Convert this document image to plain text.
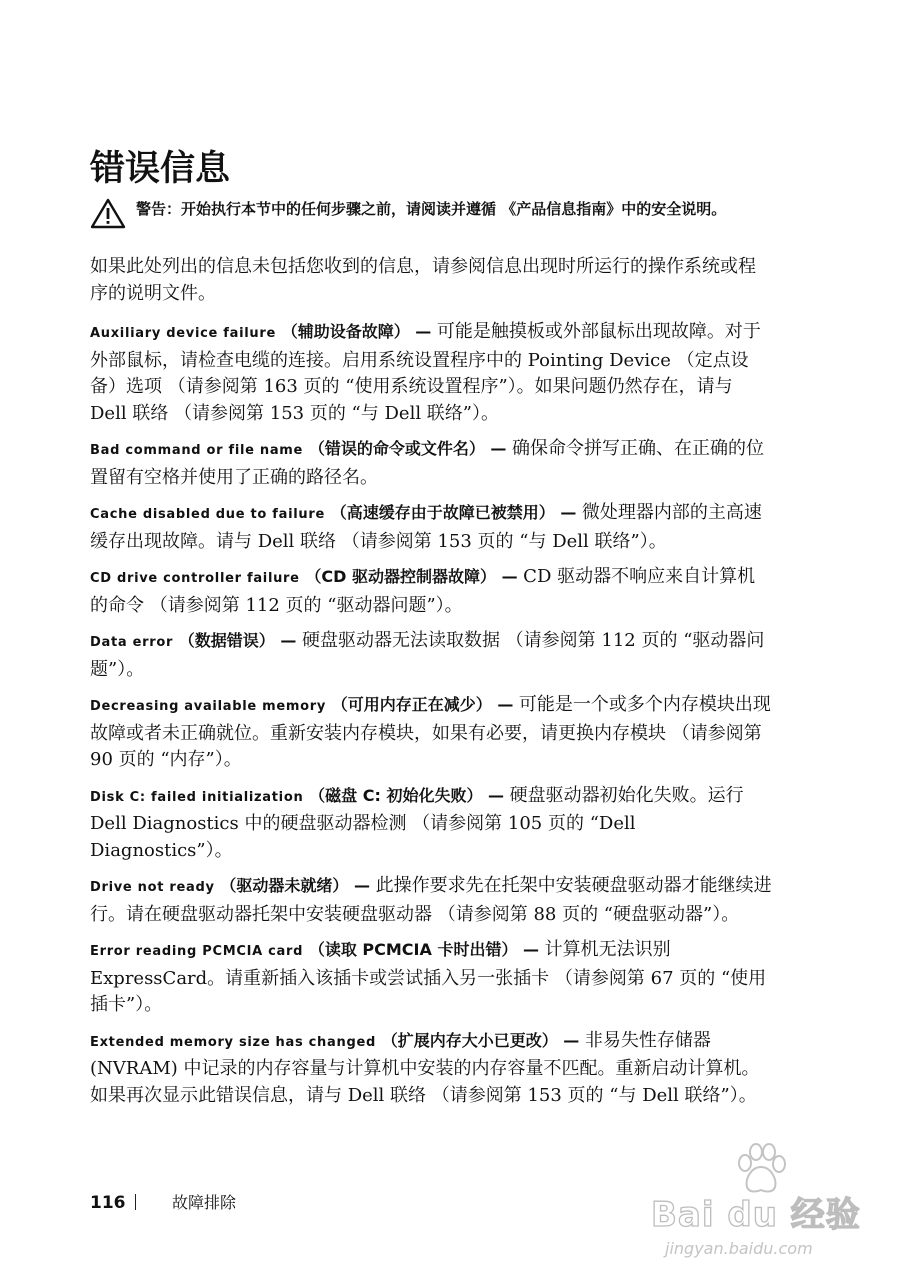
错误信息

警告：开始执行本节中的任何步骤之前，请阅读并遵循 《产品信息指南》中的安全说明。

如果此处列出的信息未包括您收到的信息，请参阅信息出现时所运行的操作系统或程序的说明文件。

Auxiliary device failure （辅助设备故障） — 可能是触摸板或外部鼠标出现故障。对于外部鼠标，请检查电缆的连接。启用系统设置程序中的 Pointing Device （定点设备）选项 （请参阅第 163 页的 “使用系统设置程序”）。如果问题仍然存在，请与 Dell 联络 （请参阅第 153 页的 “与 Dell 联络”）。

Bad command or file name （错误的命令或文件名） — 确保命令拼写正确、在正确的位置留有空格并使用了正确的路径名。

Cache disabled due to failure （高速缓存由于故障已被禁用） — 微处理器内部的主高速缓存出现故障。请与 Dell 联络 （请参阅第 153 页的 “与 Dell 联络”）。

CD drive controller failure （CD 驱动器控制器故障） — CD 驱动器不响应来自计算机的命令 （请参阅第 112 页的 “驱动器问题”）。

Data error （数据错误） — 硬盘驱动器无法读取数据 （请参阅第 112 页的 “驱动器问题”）。

Decreasing available memory （可用内存正在减少） — 可能是一个或多个内存模块出现故障或者未正确就位。重新安装内存模块，如果有必要，请更换内存模块 （请参阅第 90 页的 “内存”）。

Disk C: failed initialization （磁盘 C: 初始化失败） — 硬盘驱动器初始化失败。运行 Dell Diagnostics 中的硬盘驱动器检测 （请参阅第 105 页的 “Dell Diagnostics”）。

Drive not ready （驱动器未就绪） — 此操作要求先在托架中安装硬盘驱动器才能继续进行。请在硬盘驱动器托架中安装硬盘驱动器 （请参阅第 88 页的 “硬盘驱动器”）。

Error reading PCMCIA card （读取 PCMCIA 卡时出错） — 计算机无法识别 ExpressCard。请重新插入该插卡或尝试插入另一张插卡 （请参阅第 67 页的 “使用插卡”）。

Extended memory size has changed （扩展内存大小已更改） — 非易失性存储器 (NVRAM) 中记录的内存容量与计算机中安装的内存容量不匹配。重新启动计算机。如果再次显示此错误信息，请与 Dell 联络 （请参阅第 153 页的 “与 Dell 联络”）。

116	故障排除	Bai du 经验
jingyan.baidu.com
